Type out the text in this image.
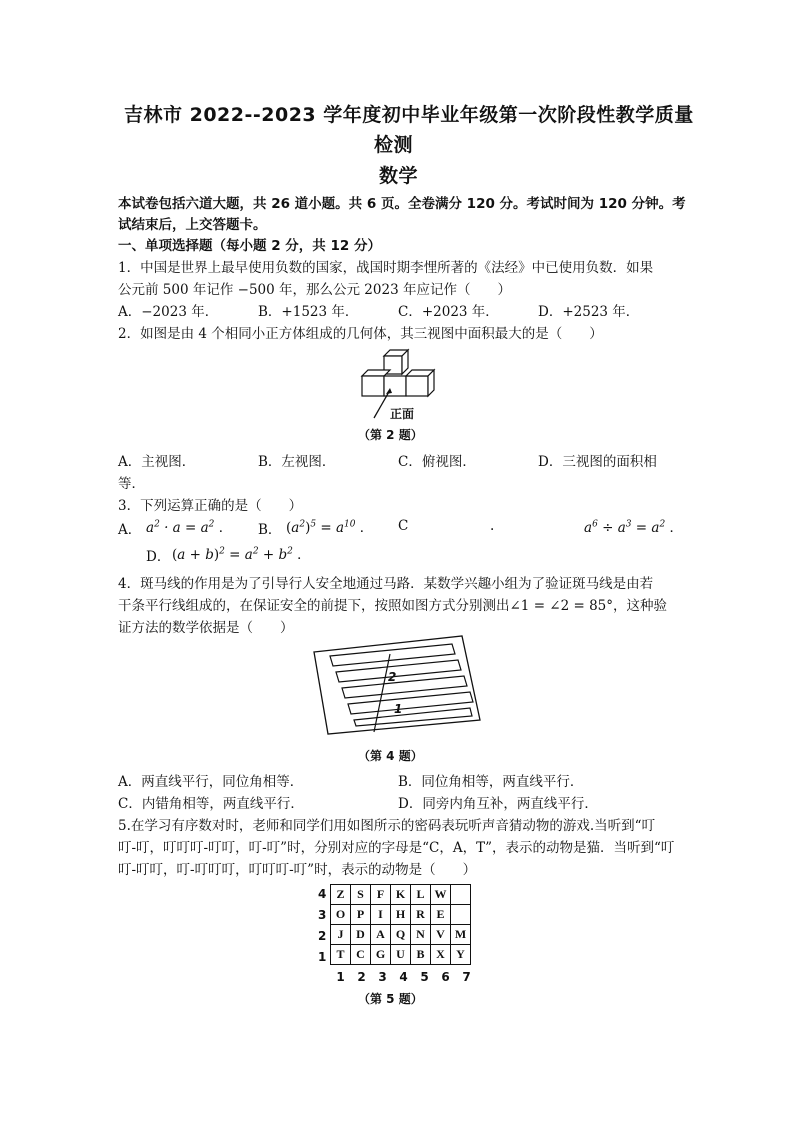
吉林市 2022--2023 学年度初中毕业年级第一次阶段性教学质量
检测
数学
本试卷包括六道大题，共 26 道小题。共 6 页。全卷满分 120 分。考试时间为 120 分钟。考
试结束后，上交答题卡。
一、单项选择题（每小题 2 分，共 12 分）
1．中国是世界上最早使用负数的国家，战国时期李悝所著的《法经》中已使用负数．如果
公元前 500 年记作 −500 年，那么公元 2023 年应记作（　　）
A．−2023 年．	B．+1523 年．	C．+2023 年．	D．+2523 年．
2．如图是由 4 个相同小正方体组成的几何体，其三视图中面积最大的是（　　）
正面
（第 2 题）
A．主视图．	B．左视图．	C．俯视图．	D．三视图的面积相
等．
3．下列运算正确的是（　　）
A． $a^2 \cdot a = a^2$ ． B． $(a^2)^5 = a^{10}$ ． C	.	$a^6 \div a^3 = a^2$ ．
D． $(a + b)^2 = a^2 + b^2$ ．
4．斑马线的作用是为了引导行人安全地通过马路．某数学兴趣小组为了验证斑马线是由若
干条平行线组成的，在保证安全的前提下，按照如图方式分别测出∠1 = ∠2 = 85°，这种验
证方法的数学依据是（　　）
2
1
（第 4 题）
A．两直线平行，同位角相等．	B．同位角相等，两直线平行．
C．内错角相等，两直线平行．	D．同旁内角互补，两直线平行．
5.在学习有序数对时，老师和同学们用如图所示的密码表玩听声音猜动物的游戏.当听到“叮
叮-叮，叮叮叮-叮叮，叮-叮”时，分别对应的字母是“C，A，T”，表示的动物是猫．当听到“叮
叮-叮叮，叮-叮叮叮，叮叮叮-叮”时，表示的动物是（　　）
4
3
2
1
Z	S	F	K	L	W	
O	P	I	H	R	E	
J	D	A	Q	N	V	M
T	C	G	U	B	X	Y
1	2	3	4	5	6	7
（第 5 题）
